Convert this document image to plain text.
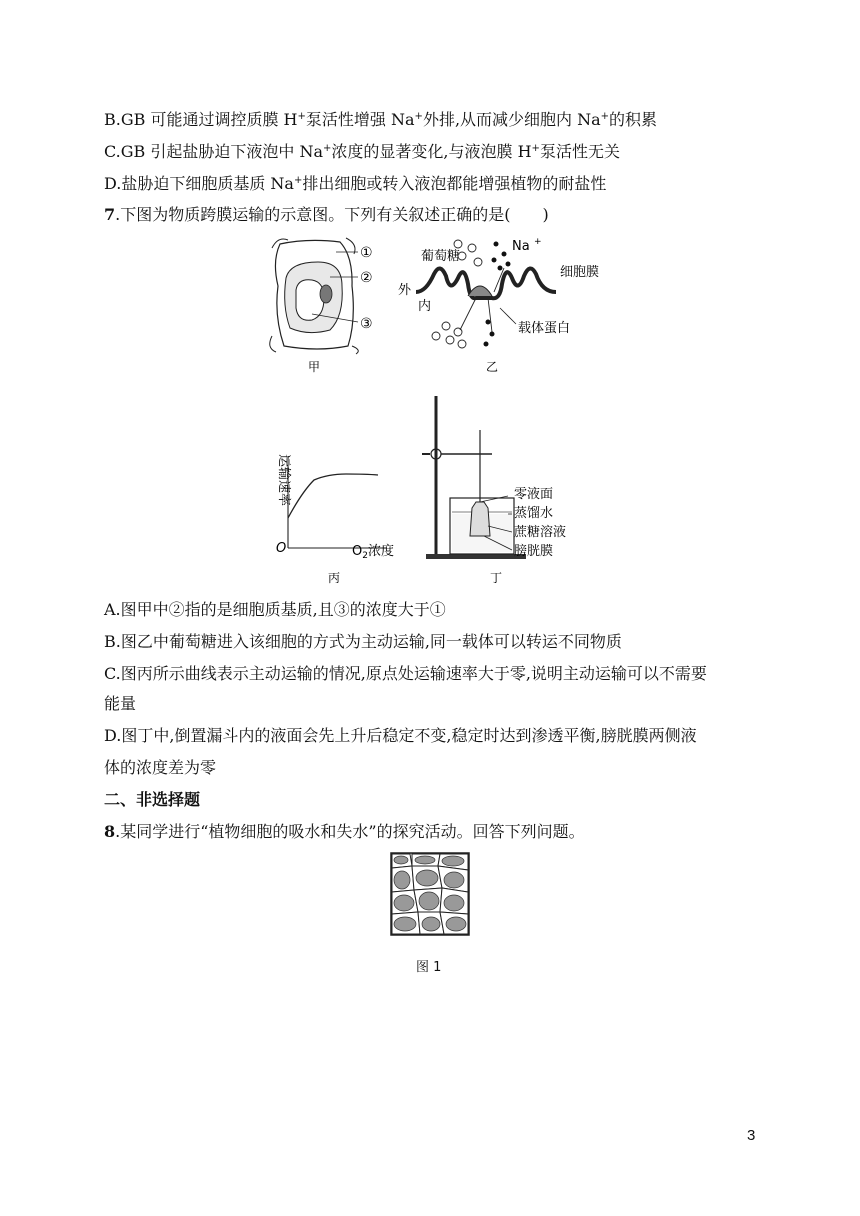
B.GB 可能通过调控质膜 H+泵活性增强 Na+外排,从而减少细胞内 Na+的积累
C.GB 引起盐胁迫下液泡中 Na+浓度的显著变化,与液泡膜 H+泵活性无关
D.盐胁迫下细胞质基质 Na+排出细胞或转入液泡都能增强植物的耐盐性
7.下图为物质跨膜运输的示意图。下列有关叙述正确的是(　　)
①
②
③
甲
葡萄糖
Na +
细胞膜
外
内
载体蛋白
乙
运输速率
O	$O_2$浓度
丙
零液面
蒸馏水
蔗糖溶液
膀胱膜
丁
A.图甲中②指的是细胞质基质,且③的浓度大于①
B.图乙中葡萄糖进入该细胞的方式为主动运输,同一载体可以转运不同物质
C.图丙所示曲线表示主动运输的情况,原点处运输速率大于零,说明主动运输可以不需要
能量
D.图丁中,倒置漏斗内的液面会先上升后稳定不变,稳定时达到渗透平衡,膀胱膜两侧液
体的浓度差为零
二、非选择题
8.某同学进行“植物细胞的吸水和失水”的探究活动。回答下列问题。
图 1
3
